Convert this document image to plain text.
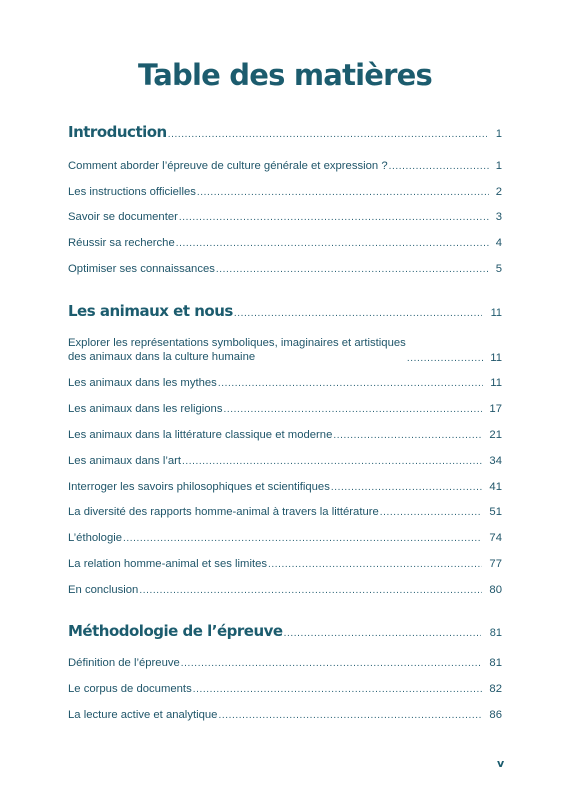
Table des matières
Introduction .....	1
Comment aborder l’épreuve de culture générale et expression ? .....	1
Les instructions officielles .....	2
Savoir se documenter .....	3
Réussir sa recherche .....	4
Optimiser ses connaissances .....	5
Les animaux et nous .....	11
Explorer les représentations symboliques, imaginaires et artistiques
des animaux dans la culture humaine .....	11
Les animaux dans les mythes .....	11
Les animaux dans les religions .....	17
Les animaux dans la littérature classique et moderne .....	21
Les animaux dans l’art .....	34
Interroger les savoirs philosophiques et scientifiques .....	41
La diversité des rapports homme-animal à travers la littérature .....	51
L’éthologie .....	74
La relation homme-animal et ses limites .....	77
En conclusion .....	80
Méthodologie de l’épreuve .....	81
Définition de l’épreuve .....	81
Le corpus de documents .....	82
La lecture active et analytique .....	86
v
